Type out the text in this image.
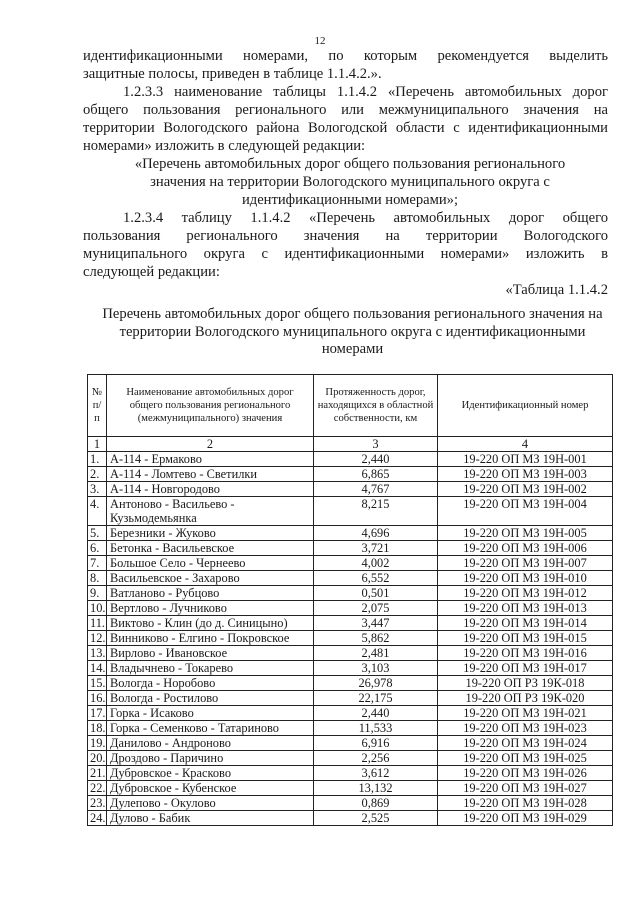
12
идентификационными номерами, по которым рекомендуется выделить
защитные полосы, приведен в таблице 1.1.4.2.».
1.2.3.3 наименование таблицы 1.1.4.2 «Перечень автомобильных дорог
общего пользования регионального или межмуниципального значения на
территории Вологодского района Вологодской области с идентификационными
номерами» изложить в следующей редакции:
«Перечень автомобильных дорог общего пользования регионального
значения на территории Вологодского муниципального округа с
идентификационными номерами»;
1.2.3.4 таблицу 1.1.4.2 «Перечень автомобильных дорог общего
пользования регионального значения на территории Вологодского
муниципального округа с идентификационными номерами» изложить в
следующей редакции:
«Таблица 1.1.4.2
Перечень автомобильных дорог общего пользования регионального значения на
территории Вологодского муниципального округа с идентификационными
номерами
№ п/п	Наименование автомобильных дорог общего пользования регионального (межмуниципального) значения	Протяженность дорог, находящихся в областной собственности, км	Идентификационный номер
1	2	3	4
1.	А-114 - Ермаково	2,440	19-220 ОП МЗ 19Н-001
2.	А-114 - Ломтево - Светилки	6,865	19-220 ОП МЗ 19Н-003
3.	А-114 - Новгородово	4,767	19-220 ОП МЗ 19Н-002
4.	Антоново - Васильево - Кузьмодемьянка	8,215	19-220 ОП МЗ 19Н-004
5.	Березники - Жуково	4,696	19-220 ОП МЗ 19Н-005
6.	Бетонка - Васильевское	3,721	19-220 ОП МЗ 19Н-006
7.	Большое Село - Чернеево	4,002	19-220 ОП МЗ 19Н-007
8.	Васильевское - Захарово	6,552	19-220 ОП МЗ 19Н-010
9.	Ватланово - Рубцово	0,501	19-220 ОП МЗ 19Н-012
10.	Вертлово - Лучниково	2,075	19-220 ОП МЗ 19Н-013
11.	Виктово - Клин (до д. Синицыно)	3,447	19-220 ОП МЗ 19Н-014
12.	Винниково - Елгино - Покровское	5,862	19-220 ОП МЗ 19Н-015
13.	Вирлово - Ивановское	2,481	19-220 ОП МЗ 19Н-016
14.	Владычнево - Токарево	3,103	19-220 ОП МЗ 19Н-017
15.	Вологда - Норобово	26,978	19-220 ОП РЗ 19К-018
16.	Вологда - Ростилово	22,175	19-220 ОП РЗ 19К-020
17.	Горка - Исаково	2,440	19-220 ОП МЗ 19Н-021
18.	Горка - Семенково - Татариново	11,533	19-220 ОП МЗ 19Н-023
19.	Данилово - Андроново	6,916	19-220 ОП МЗ 19Н-024
20.	Дроздово - Паричино	2,256	19-220 ОП МЗ 19Н-025
21.	Дубровское - Красково	3,612	19-220 ОП МЗ 19Н-026
22.	Дубровское - Кубенское	13,132	19-220 ОП МЗ 19Н-027
23.	Дулепово - Окулово	0,869	19-220 ОП МЗ 19Н-028
24.	Дулово - Бабик	2,525	19-220 ОП МЗ 19Н-029
